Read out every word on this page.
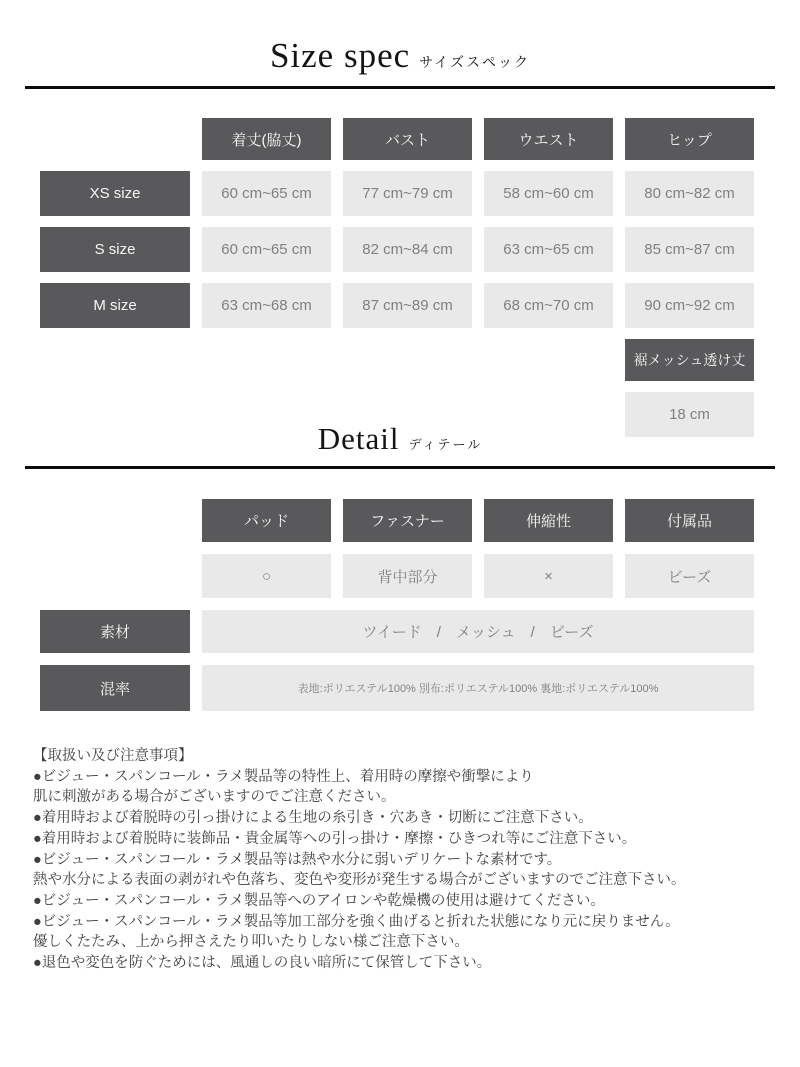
Size spec サイズスペック
着丈(脇丈)	バスト	ウエスト	ヒップ
XS size	60 cm~65 cm	77 cm~79 cm	58 cm~60 cm	80 cm~82 cm
S size	60 cm~65 cm	82 cm~84 cm	63 cm~65 cm	85 cm~87 cm
M size	63 cm~68 cm	87 cm~89 cm	68 cm~70 cm	90 cm~92 cm
裾メッシュ透け丈
18 cm
Detail ディテール
パッド	ファスナー	伸縮性	付属品
○	背中部分	×	ビーズ
素材	ツイード　/　メッシュ　/　ビーズ
混率	表地:ポリエステル100% 別布:ポリエステル100% 裏地:ポリエステル100%
【取扱い及び注意事項】
●ビジュー・スパンコール・ラメ製品等の特性上、着用時の摩擦や衝撃により
肌に刺激がある場合がございますのでご注意ください。
●着用時および着脱時の引っ掛けによる生地の糸引き・穴あき・切断にご注意下さい。
●着用時および着脱時に装飾品・貴金属等への引っ掛け・摩擦・ひきつれ等にご注意下さい。
●ビジュー・スパンコール・ラメ製品等は熱や水分に弱いデリケートな素材です。
熱や水分による表面の剥がれや色落ち、変色や変形が発生する場合がございますのでご注意下さい。
●ビジュー・スパンコール・ラメ製品等へのアイロンや乾燥機の使用は避けてください。
●ビジュー・スパンコール・ラメ製品等加工部分を強く曲げると折れた状態になり元に戻りません。
優しくたたみ、上から押さえたり叩いたりしない様ご注意下さい。
●退色や変色を防ぐためには、風通しの良い暗所にて保管して下さい。
